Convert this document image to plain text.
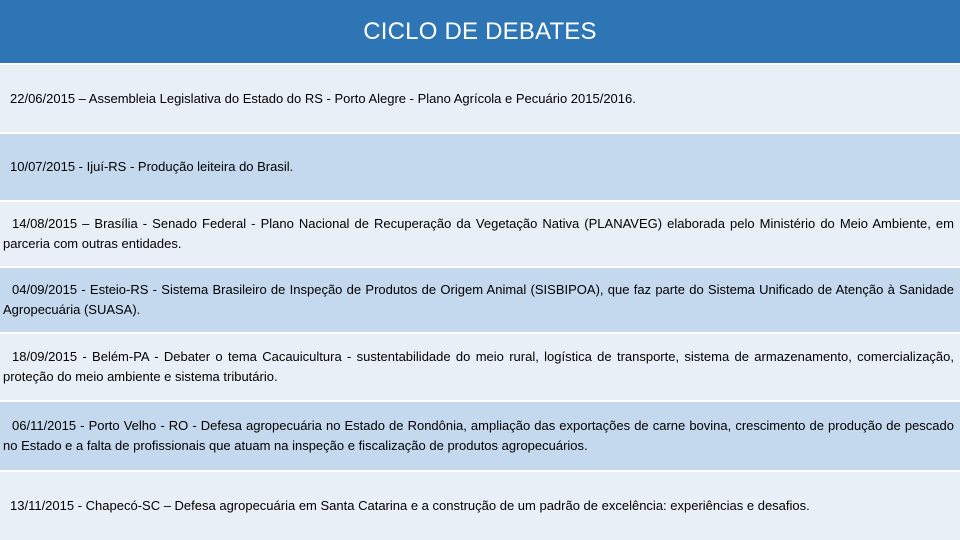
CICLO DE DEBATES
22/06/2015 – Assembleia Legislativa do Estado do RS - Porto Alegre - Plano Agrícola e Pecuário 2015/2016.
10/07/2015 - Ijuí-RS - Produção leiteira do Brasil.
14/08/2015 – Brasília - Senado Federal - Plano Nacional de Recuperação da Vegetação Nativa (PLANAVEG) elaborada pelo Ministério do Meio Ambiente, em parceria com outras entidades.
04/09/2015 - Esteio-RS - Sistema Brasileiro de Inspeção de Produtos de Origem Animal (SISBIPOA), que faz parte do Sistema Unificado de Atenção à Sanidade Agropecuária (SUASA).
18/09/2015 - Belém-PA - Debater o tema Cacauicultura - sustentabilidade do meio rural, logística de transporte, sistema de armazenamento, comercialização, proteção do meio ambiente e sistema tributário.
06/11/2015 - Porto Velho - RO - Defesa agropecuária no Estado de Rondônia, ampliação das exportações de carne bovina, crescimento de produção de pescado no Estado e a falta de profissionais que atuam na inspeção e fiscalização de produtos agropecuários.
13/11/2015 - Chapecó-SC – Defesa agropecuária em Santa Catarina e a construção de um padrão de excelência: experiências e desafios.
